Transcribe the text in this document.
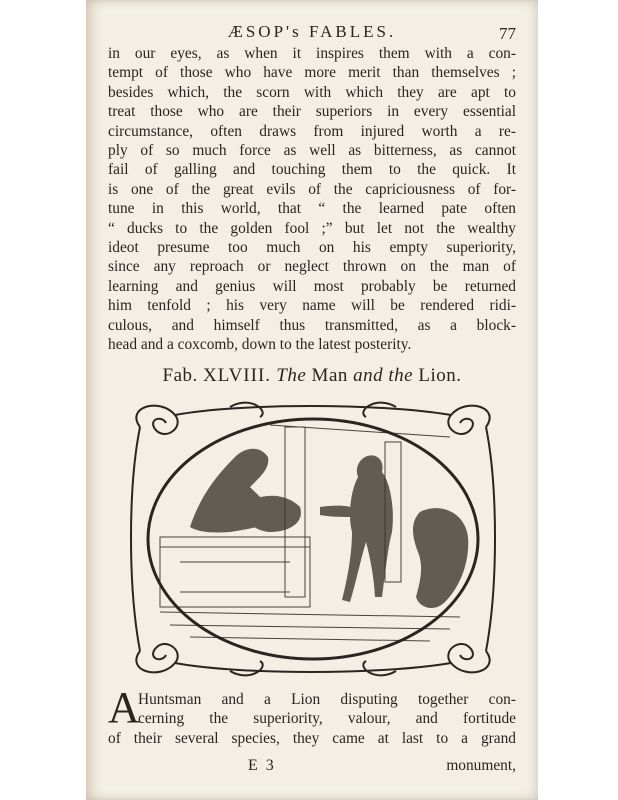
ÆSOP's FABLES.	77
in our eyes, as when it inspires them with a con-
tempt of those who have more merit than themselves ;
besides which, the scorn with which they are apt to
treat those who are their superiors in every essential
circumstance, often draws from injured worth a re-
ply of so much force as well as bitterness, as cannot
fail of galling and touching them to the quick. It
is one of the great evils of the capriciousness of for-
tune in this world, that “ the learned pate often
“ ducks to the golden fool ;” but let not the wealthy
ideot presume too much on his empty superiority,
since any reproach or neglect thrown on the man of
learning and genius will most probably be returned
him tenfold ; his very name will be rendered ridi-
culous, and himself thus transmitted, as a block-
head and a coxcomb, down to the latest posterity.
Fab. XLVIII. The Man and the Lion.
A
Huntsman and a Lion disputing together con-
cerning the superiority, valour, and fortitude
of their several species, they came at last to a grand
E 3	monument,
